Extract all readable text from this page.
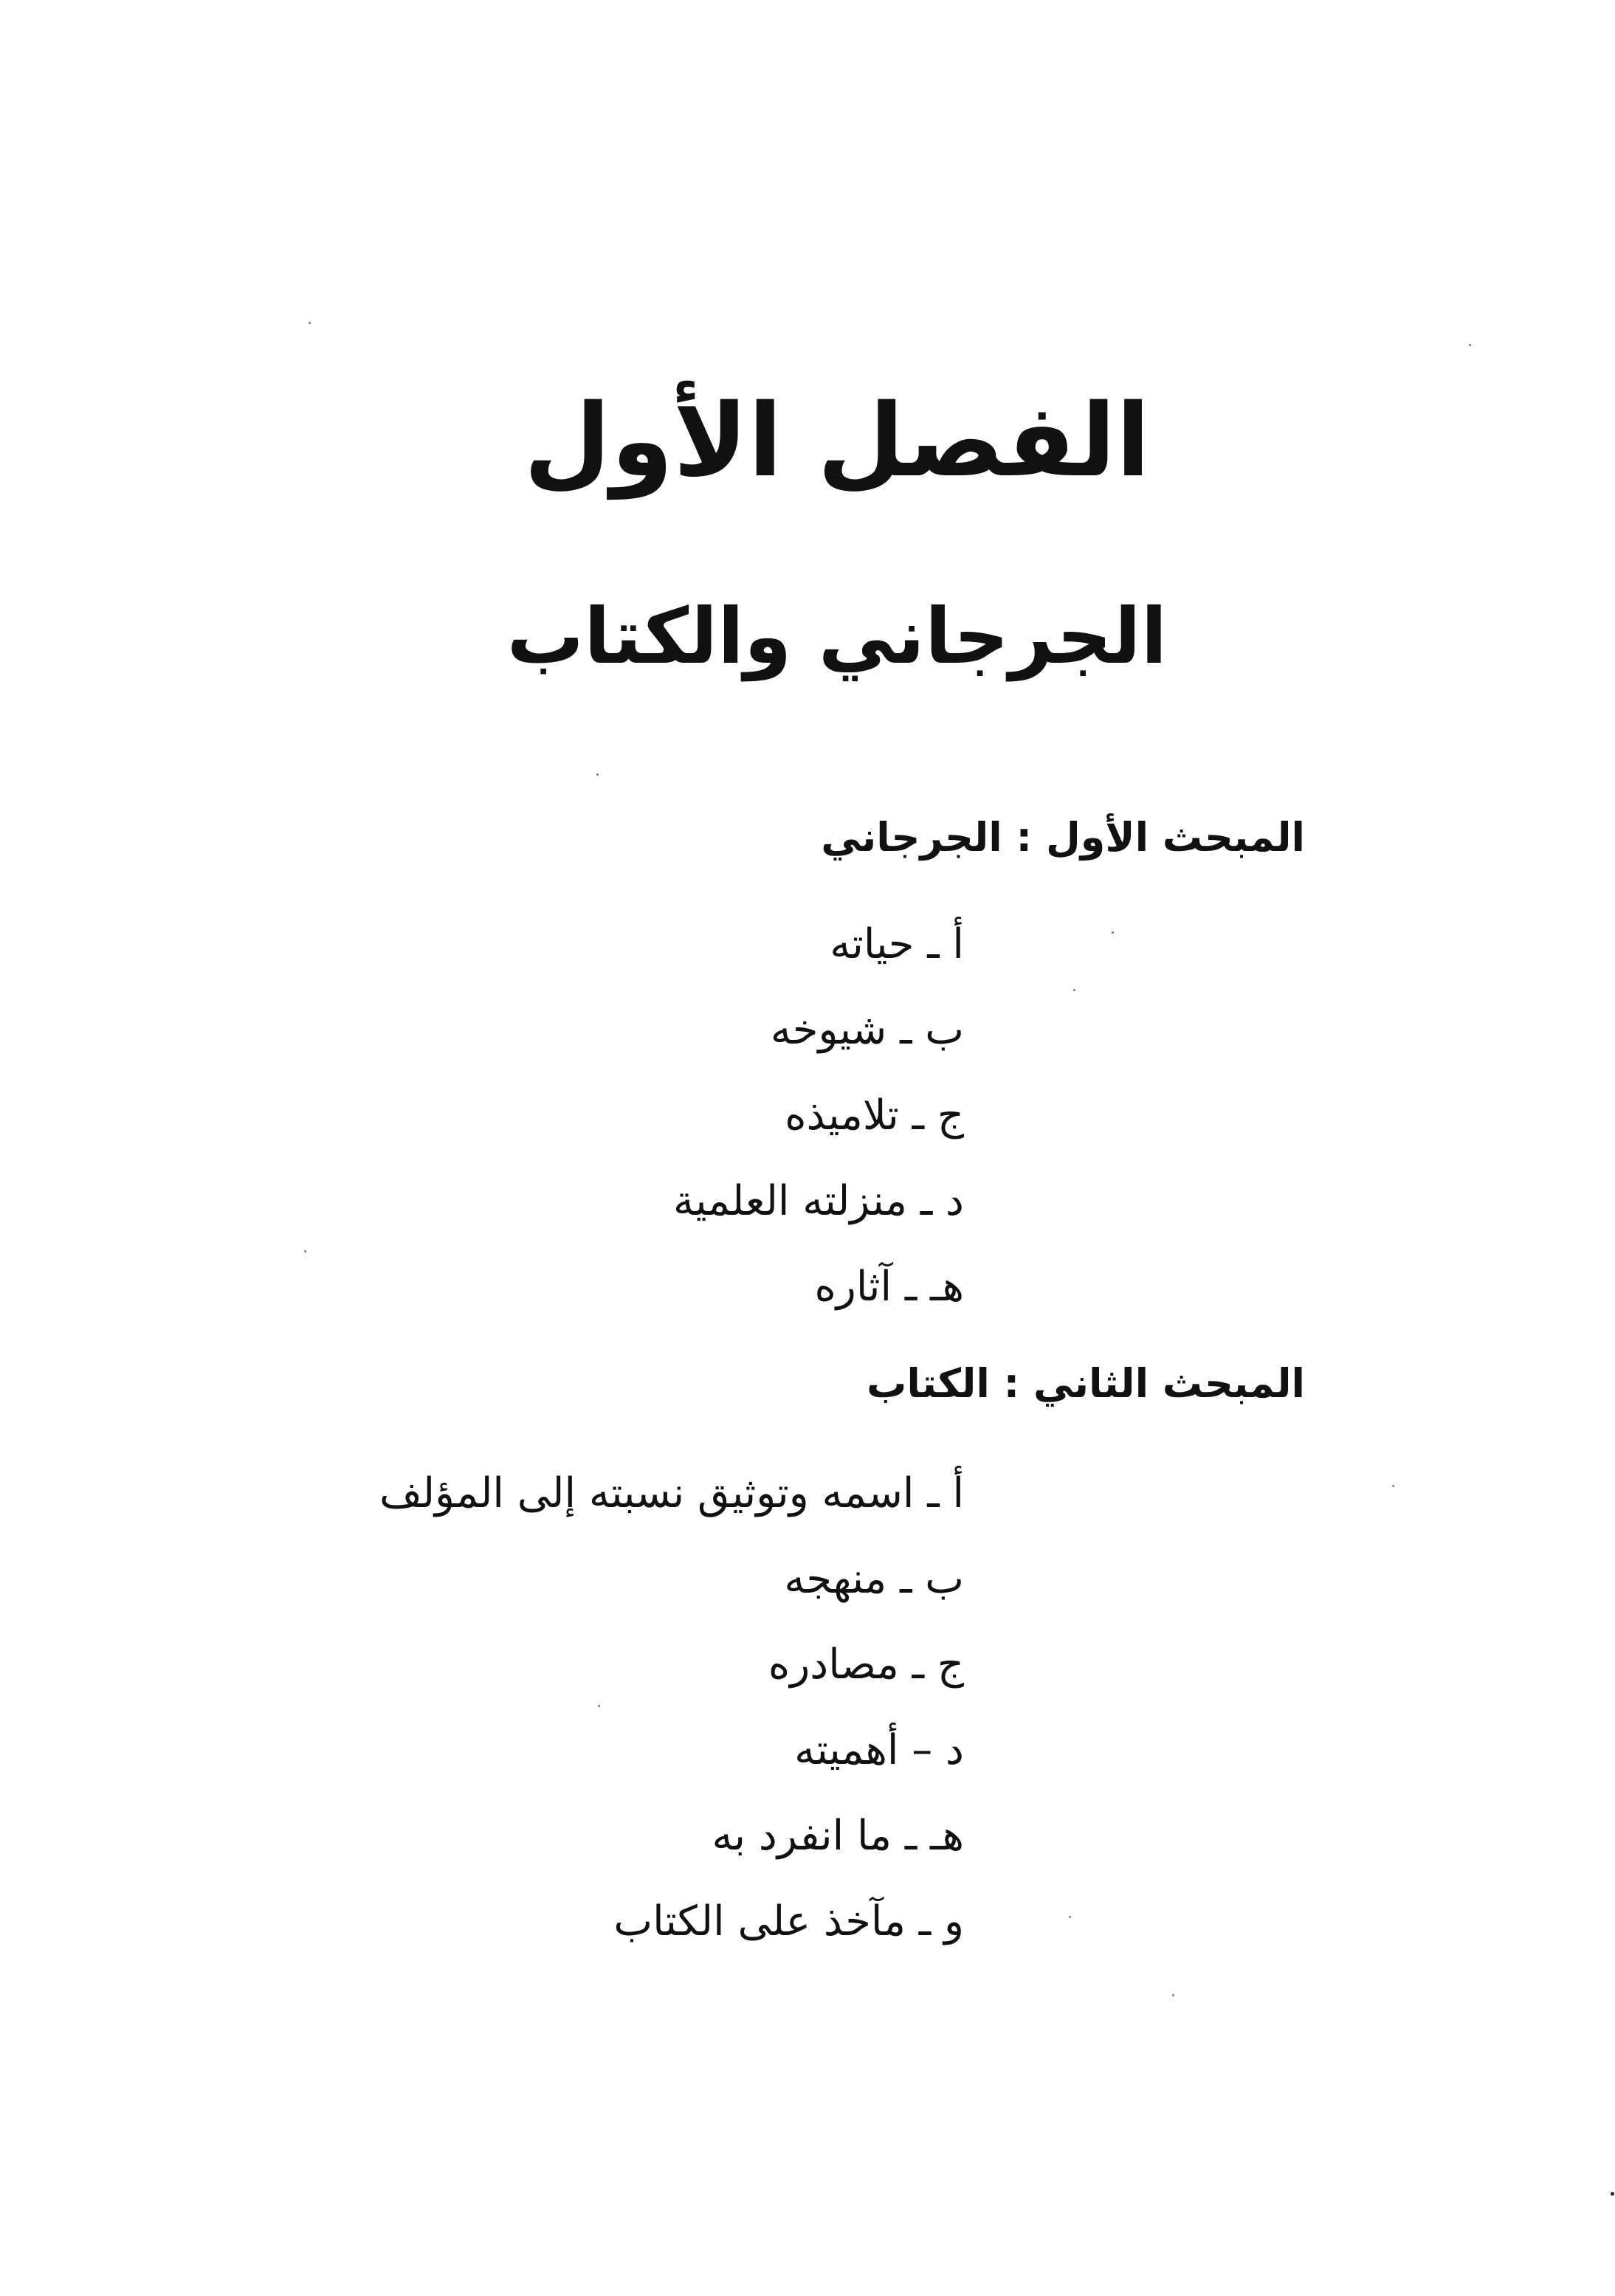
الفصل الأول
الجرجاني والكتاب
المبحث الأول : الجرجاني
أ ـ حياته
ب ـ شيوخه
ج ـ تلاميذه
د ـ منزلته العلمية
هـ ـ آثاره
المبحث الثاني : الكتاب
أ ـ اسمه وتوثيق نسبته إلى المؤلف
ب ـ منهجه
ج ـ مصادره
د – أهميته
هـ ـ ما انفرد به
و ـ مآخذ على الكتاب
